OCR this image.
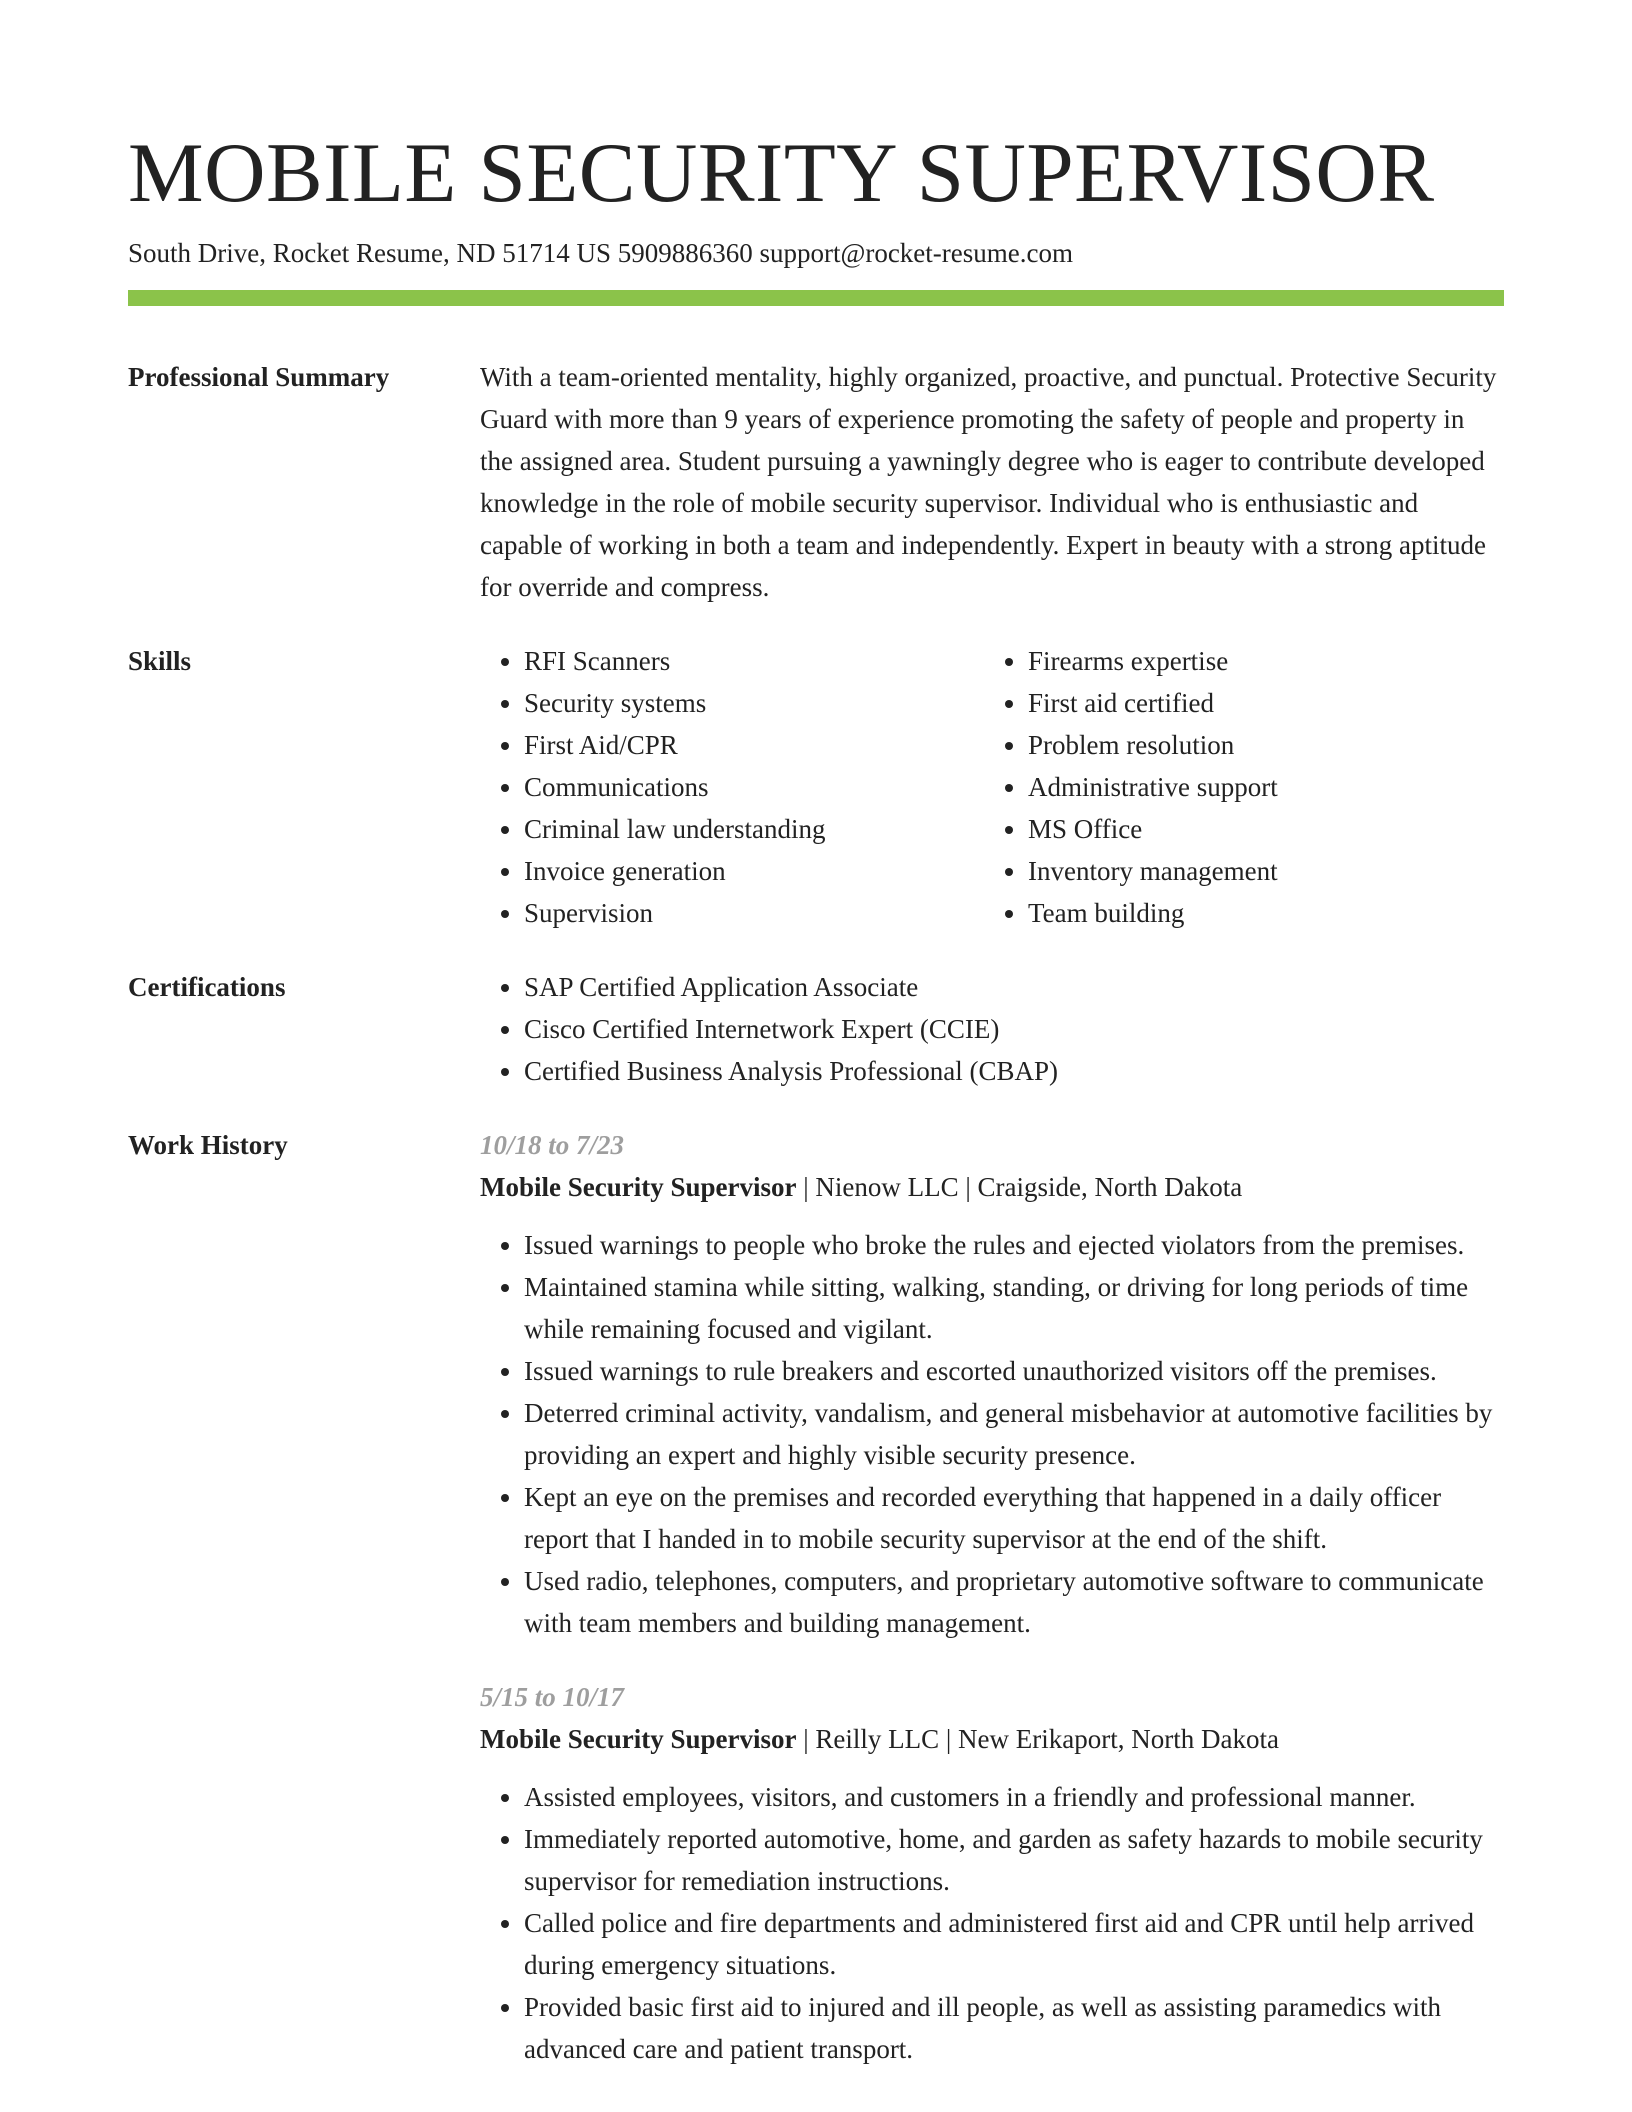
MOBILE SECURITY SUPERVISOR
South Drive, Rocket Resume, ND 51714 US 5909886360 support@rocket-resume.com
Professional Summary	With a team-oriented mentality, highly organized, proactive, and punctual. Protective Security Guard with more than 9 years of experience promoting the safety of people and property in the assigned area. Student pursuing a yawningly degree who is eager to contribute developed knowledge in the role of mobile security supervisor. Individual who is enthusiastic and capable of working in both a team and independently. Expert in beauty with a strong aptitude for override and compress.
Skills	• RFI Scanners
• Security systems
• First Aid/CPR
• Communications
• Criminal law understanding
• Invoice generation
• Supervision
• Firearms expertise
• First aid certified
• Problem resolution
• Administrative support
• MS Office
• Inventory management
• Team building
Certifications	• SAP Certified Application Associate
• Cisco Certified Internetwork Expert (CCIE)
• Certified Business Analysis Professional (CBAP)
Work History	10/18 to 7/23
Mobile Security Supervisor | Nienow LLC | Craigside, North Dakota
• Issued warnings to people who broke the rules and ejected violators from the premises.
• Maintained stamina while sitting, walking, standing, or driving for long periods of time while remaining focused and vigilant.
• Issued warnings to rule breakers and escorted unauthorized visitors off the premises.
• Deterred criminal activity, vandalism, and general misbehavior at automotive facilities by providing an expert and highly visible security presence.
• Kept an eye on the premises and recorded everything that happened in a daily officer report that I handed in to mobile security supervisor at the end of the shift.
• Used radio, telephones, computers, and proprietary automotive software to communicate with team members and building management.
5/15 to 10/17
Mobile Security Supervisor | Reilly LLC | New Erikaport, North Dakota
• Assisted employees, visitors, and customers in a friendly and professional manner.
• Immediately reported automotive, home, and garden as safety hazards to mobile security supervisor for remediation instructions.
• Called police and fire departments and administered first aid and CPR until help arrived during emergency situations.
• Provided basic first aid to injured and ill people, as well as assisting paramedics with advanced care and patient transport.
